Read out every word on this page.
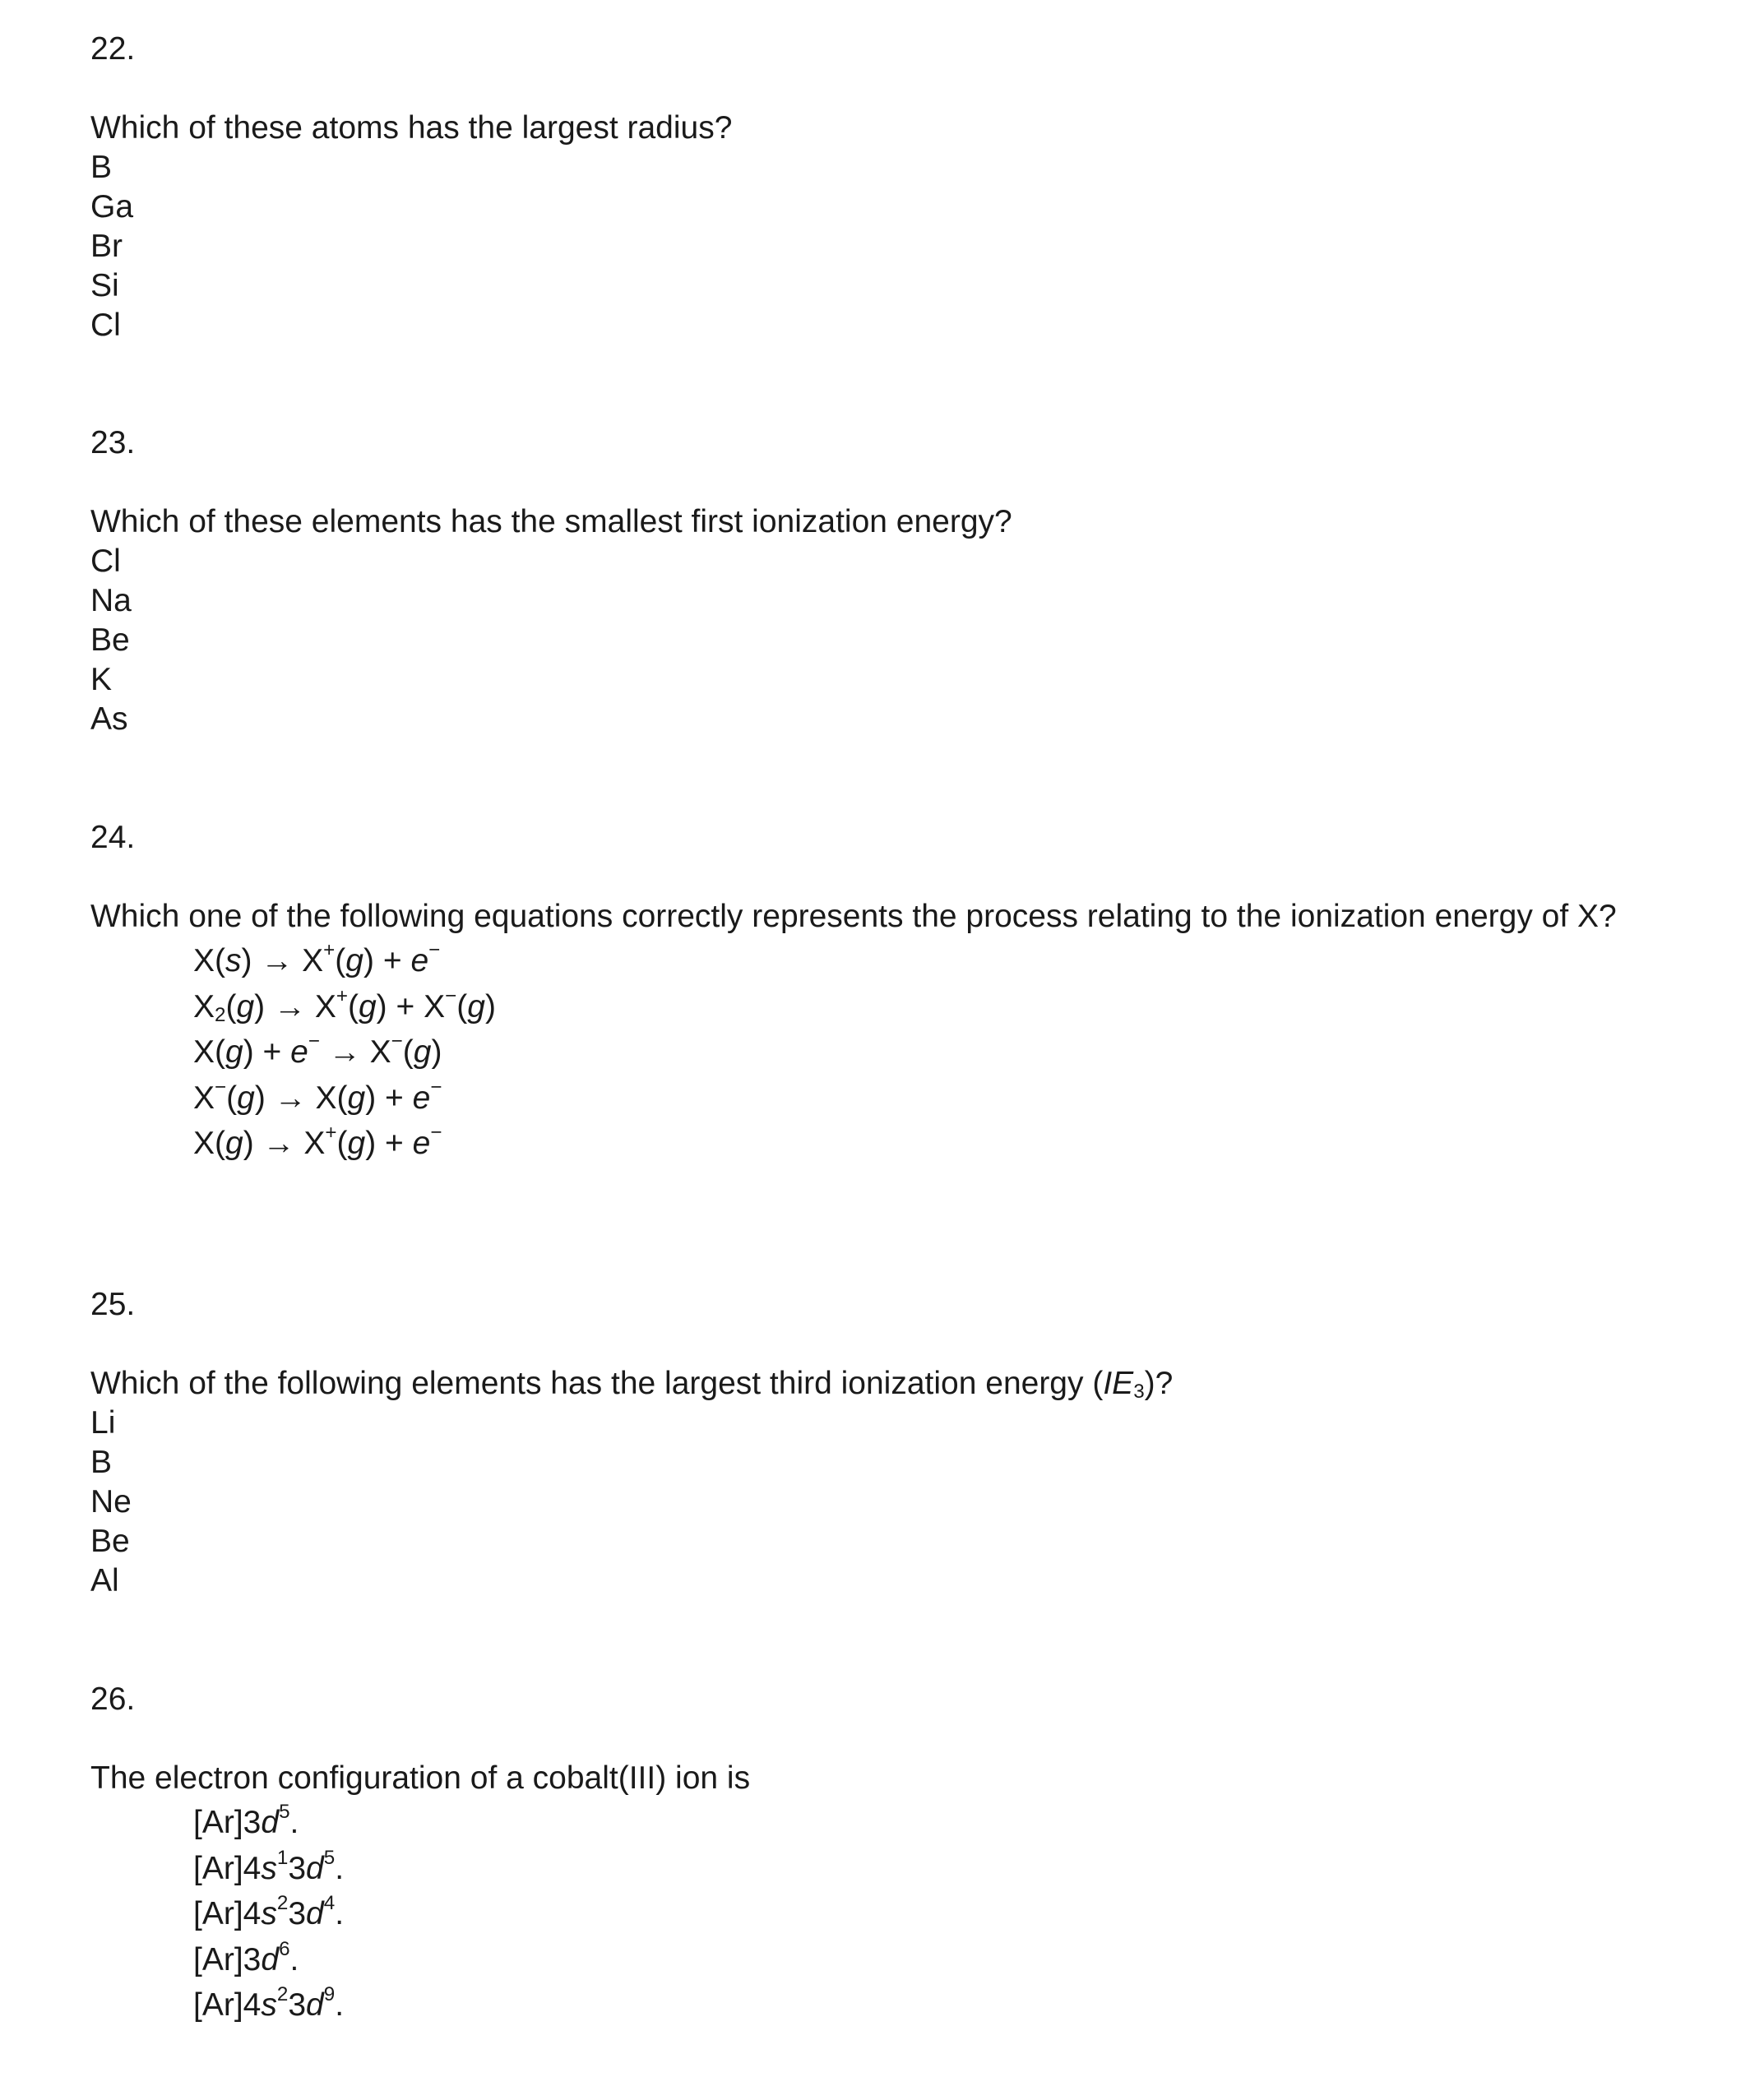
22.

Which of these atoms has the largest radius?

B
Ga
Br
Si
Cl

23.

Which of these elements has the smallest first ionization energy?

Cl
Na
Be
K
As

24.

Which one of the following equations correctly represents the process relating to the ionization energy of X?

X(s) → X+(g) + e−
$X_2(g) \to X^+(g) + X^-(g)$
X(g) + e− → X−(g)
X−(g) → X(g) + e−
X(g) → X+(g) + e−

25.

Which of the following elements has the largest third ionization energy $(IE_3)$?

Li
B
Ne
Be
Al

26.

The electron configuration of a cobalt(III) ion is

$[Ar]3d^5$.
$[Ar]4s^13d^5$.
$[Ar]4s^23d^4$.
$[Ar]3d^6$.
$[Ar]4s^23d^9$.
